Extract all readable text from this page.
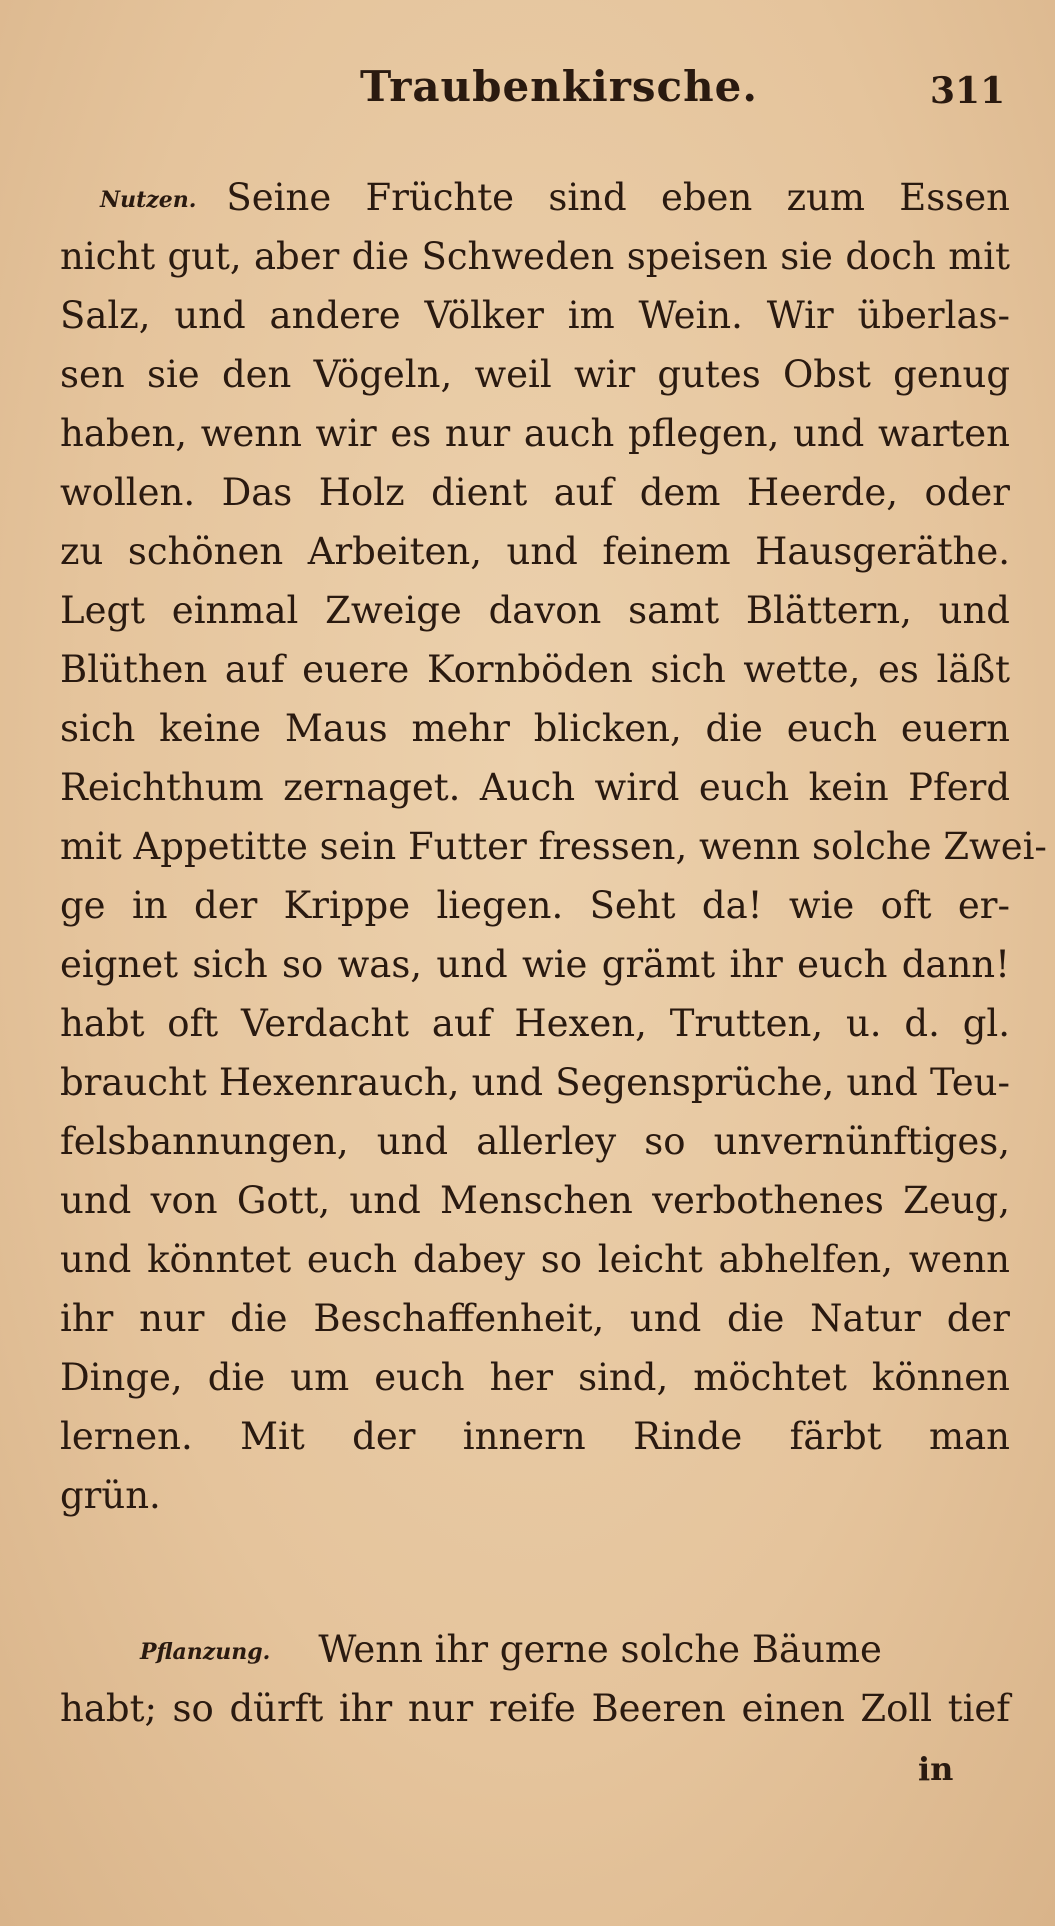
Traubenkirsche.	311
Nutzen. Seine Früchte sind eben zum Essen
nicht gut, aber die Schweden speisen sie doch mit
Salz, und andere Völker im Wein. Wir überlas-
sen sie den Vögeln, weil wir gutes Obst genug
haben, wenn wir es nur auch pflegen, und warten
wollen. Das Holz dient auf dem Heerde, oder
zu schönen Arbeiten, und feinem Hausgeräthe.
Legt einmal Zweige davon samt Blättern, und
Blüthen auf euere Kornböden sich wette, es läßt
sich keine Maus mehr blicken, die euch euern
Reichthum zernaget. Auch wird euch kein Pferd
mit Appetitte sein Futter fressen, wenn solche Zwei-
ge in der Krippe liegen. Seht da! wie oft er-
eignet sich so was, und wie grämt ihr euch dann!
habt oft Verdacht auf Hexen, Trutten, u. d. gl.
braucht Hexenrauch, und Segensprüche, und Teu-
felsbannungen, und allerley so unvernünftiges,
und von Gott, und Menschen verbothenes Zeug,
und könntet euch dabey so leicht abhelfen, wenn
ihr nur die Beschaffenheit, und die Natur der
Dinge, die um euch her sind, möchtet können
lernen. Mit der innern Rinde färbt man
grün.
Pflanzung. Wenn ihr gerne solche Bäume
habt; so dürft ihr nur reife Beeren einen Zoll tief
in
